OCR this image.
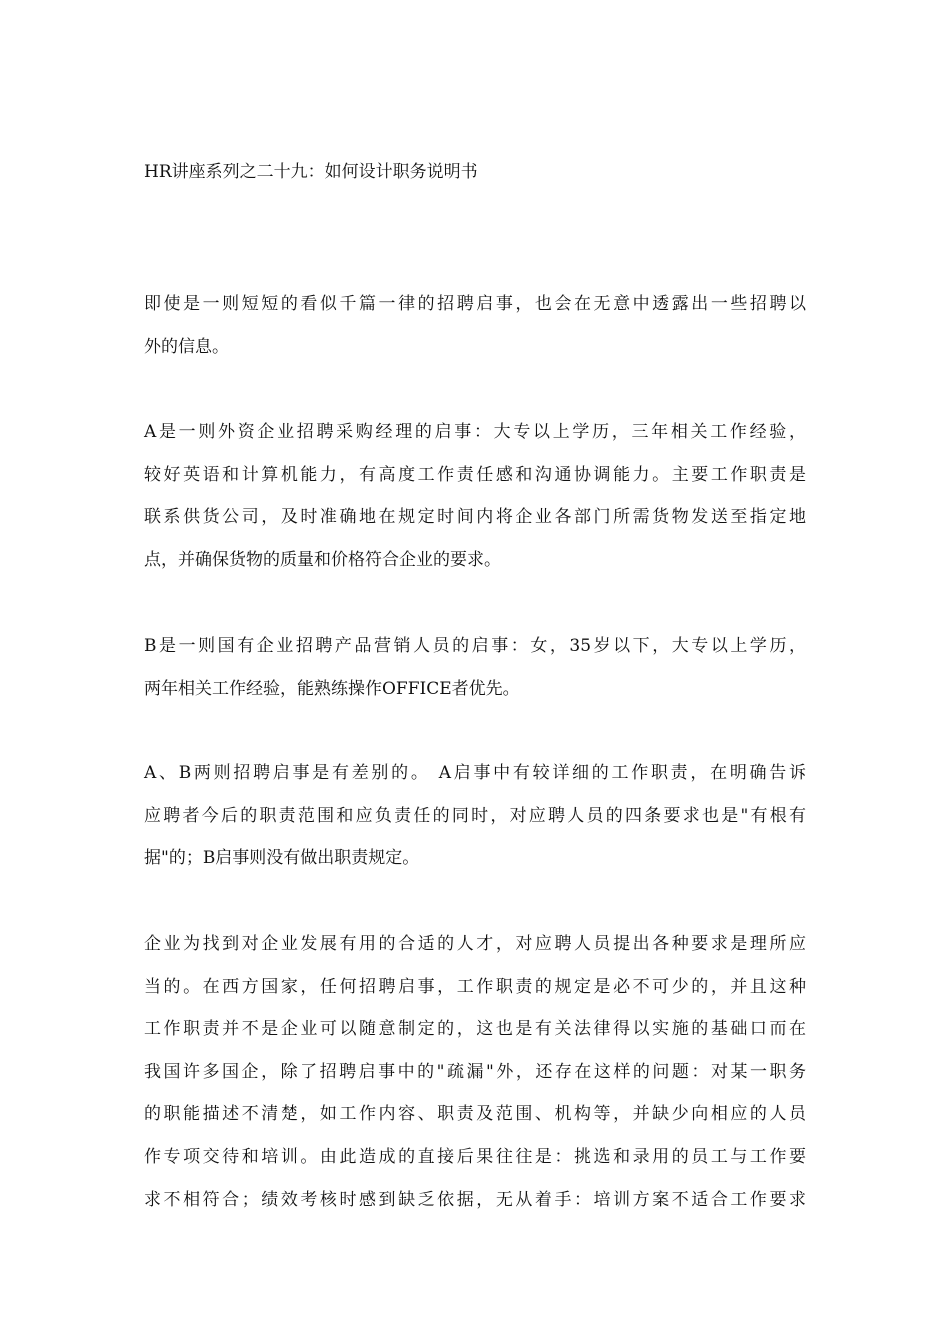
HR讲座系列之二十九：如何设计职务说明书

即使是一则短短的看似千篇一律的招聘启事，也会在无意中透露出一些招聘以
外的信息。

A是一则外资企业招聘采购经理的启事：大专以上学历，三年相关工作经验，
较好英语和计算机能力，有高度工作责任感和沟通协调能力。主要工作职责是
联系供货公司，及时准确地在规定时间内将企业各部门所需货物发送至指定地
点，并确保货物的质量和价格符合企业的要求。

B是一则国有企业招聘产品营销人员的启事：女，35岁以下，大专以上学历，
两年相关工作经验，能熟练操作OFFICE者优先。

A、B两则招聘启事是有差别的。 A启事中有较详细的工作职责，在明确告诉
应聘者今后的职责范围和应负责任的同时，对应聘人员的四条要求也是"有根有
据"的；B启事则没有做出职责规定。

企业为找到对企业发展有用的合适的人才，对应聘人员提出各种要求是理所应
当的。在西方国家，任何招聘启事，工作职责的规定是必不可少的，并且这种
工作职责并不是企业可以随意制定的，这也是有关法律得以实施的基础口而在
我国许多国企，除了招聘启事中的"疏漏"外，还存在这样的问题：对某一职务
的职能描述不清楚，如工作内容、职责及范围、机构等，并缺少向相应的人员
作专项交待和培训。由此造成的直接后果往往是：挑选和录用的员工与工作要
求不相符合；绩效考核时感到缺乏依据，无从着手：培训方案不适合工作要求
